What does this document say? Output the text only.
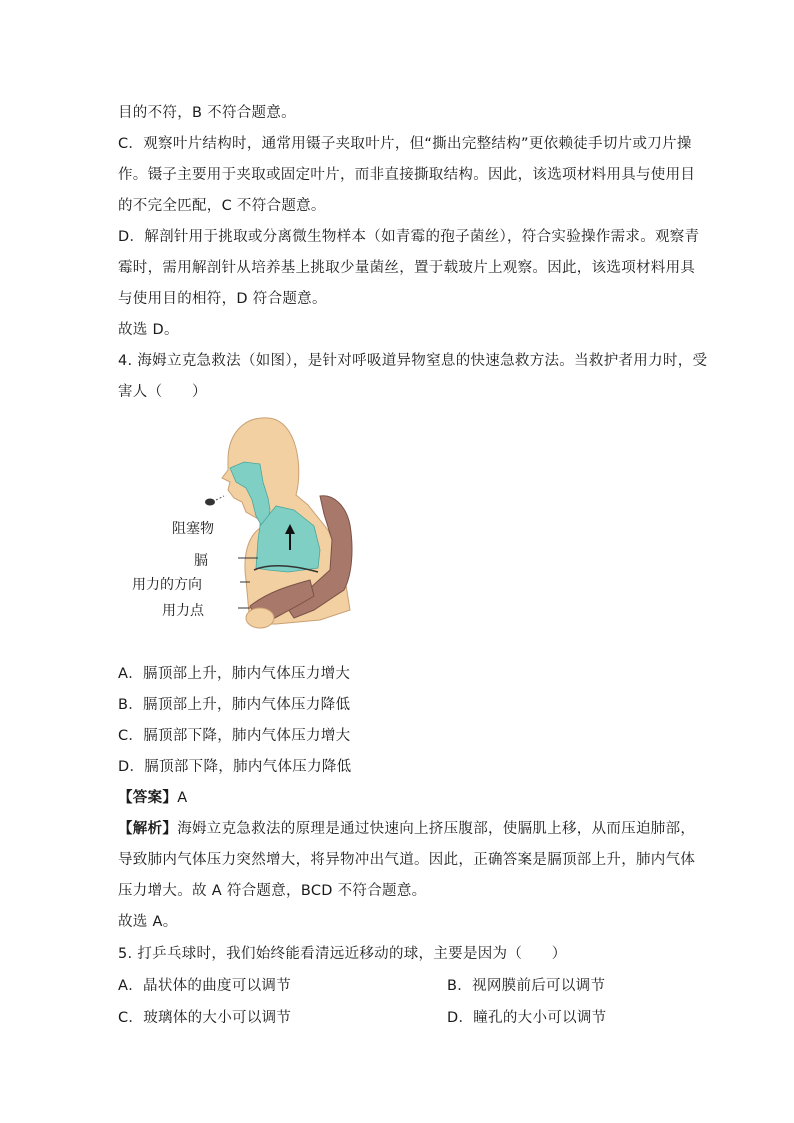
目的不符，B 不符合题意。
C．观察叶片结构时，通常用镊子夹取叶片，但“撕出完整结构”更依赖徒手切片或刀片操
作。镊子主要用于夹取或固定叶片，而非直接撕取结构。因此，该选项材料用具与使用目
的不完全匹配，C 不符合题意。
D．解剖针用于挑取或分离微生物样本（如青霉的孢子菌丝），符合实验操作需求。观察青
霉时，需用解剖针从培养基上挑取少量菌丝，置于载玻片上观察。因此，该选项材料用具
与使用目的相符，D 符合题意。
故选 D。
4. 海姆立克急救法（如图），是针对呼吸道异物窒息的快速急救方法。当救护者用力时，受
害人（　　）
阻塞物
膈
用力的方向
用力点
A．膈顶部上升，肺内气体压力增大
B．膈顶部上升，肺内气体压力降低
C．膈顶部下降，肺内气体压力增大
D．膈顶部下降，肺内气体压力降低
【答案】A
【解析】海姆立克急救法的原理是通过快速向上挤压腹部，使膈肌上移，从而压迫肺部，
导致肺内气体压力突然增大，将异物冲出气道。因此，正确答案是膈顶部上升，肺内气体
压力增大。故 A 符合题意，BCD 不符合题意。
故选 A。
5. 打乒乓球时，我们始终能看清远近移动的球，主要是因为（　　）
A．晶状体的曲度可以调节	B．视网膜前后可以调节
C．玻璃体的大小可以调节	D．瞳孔的大小可以调节
